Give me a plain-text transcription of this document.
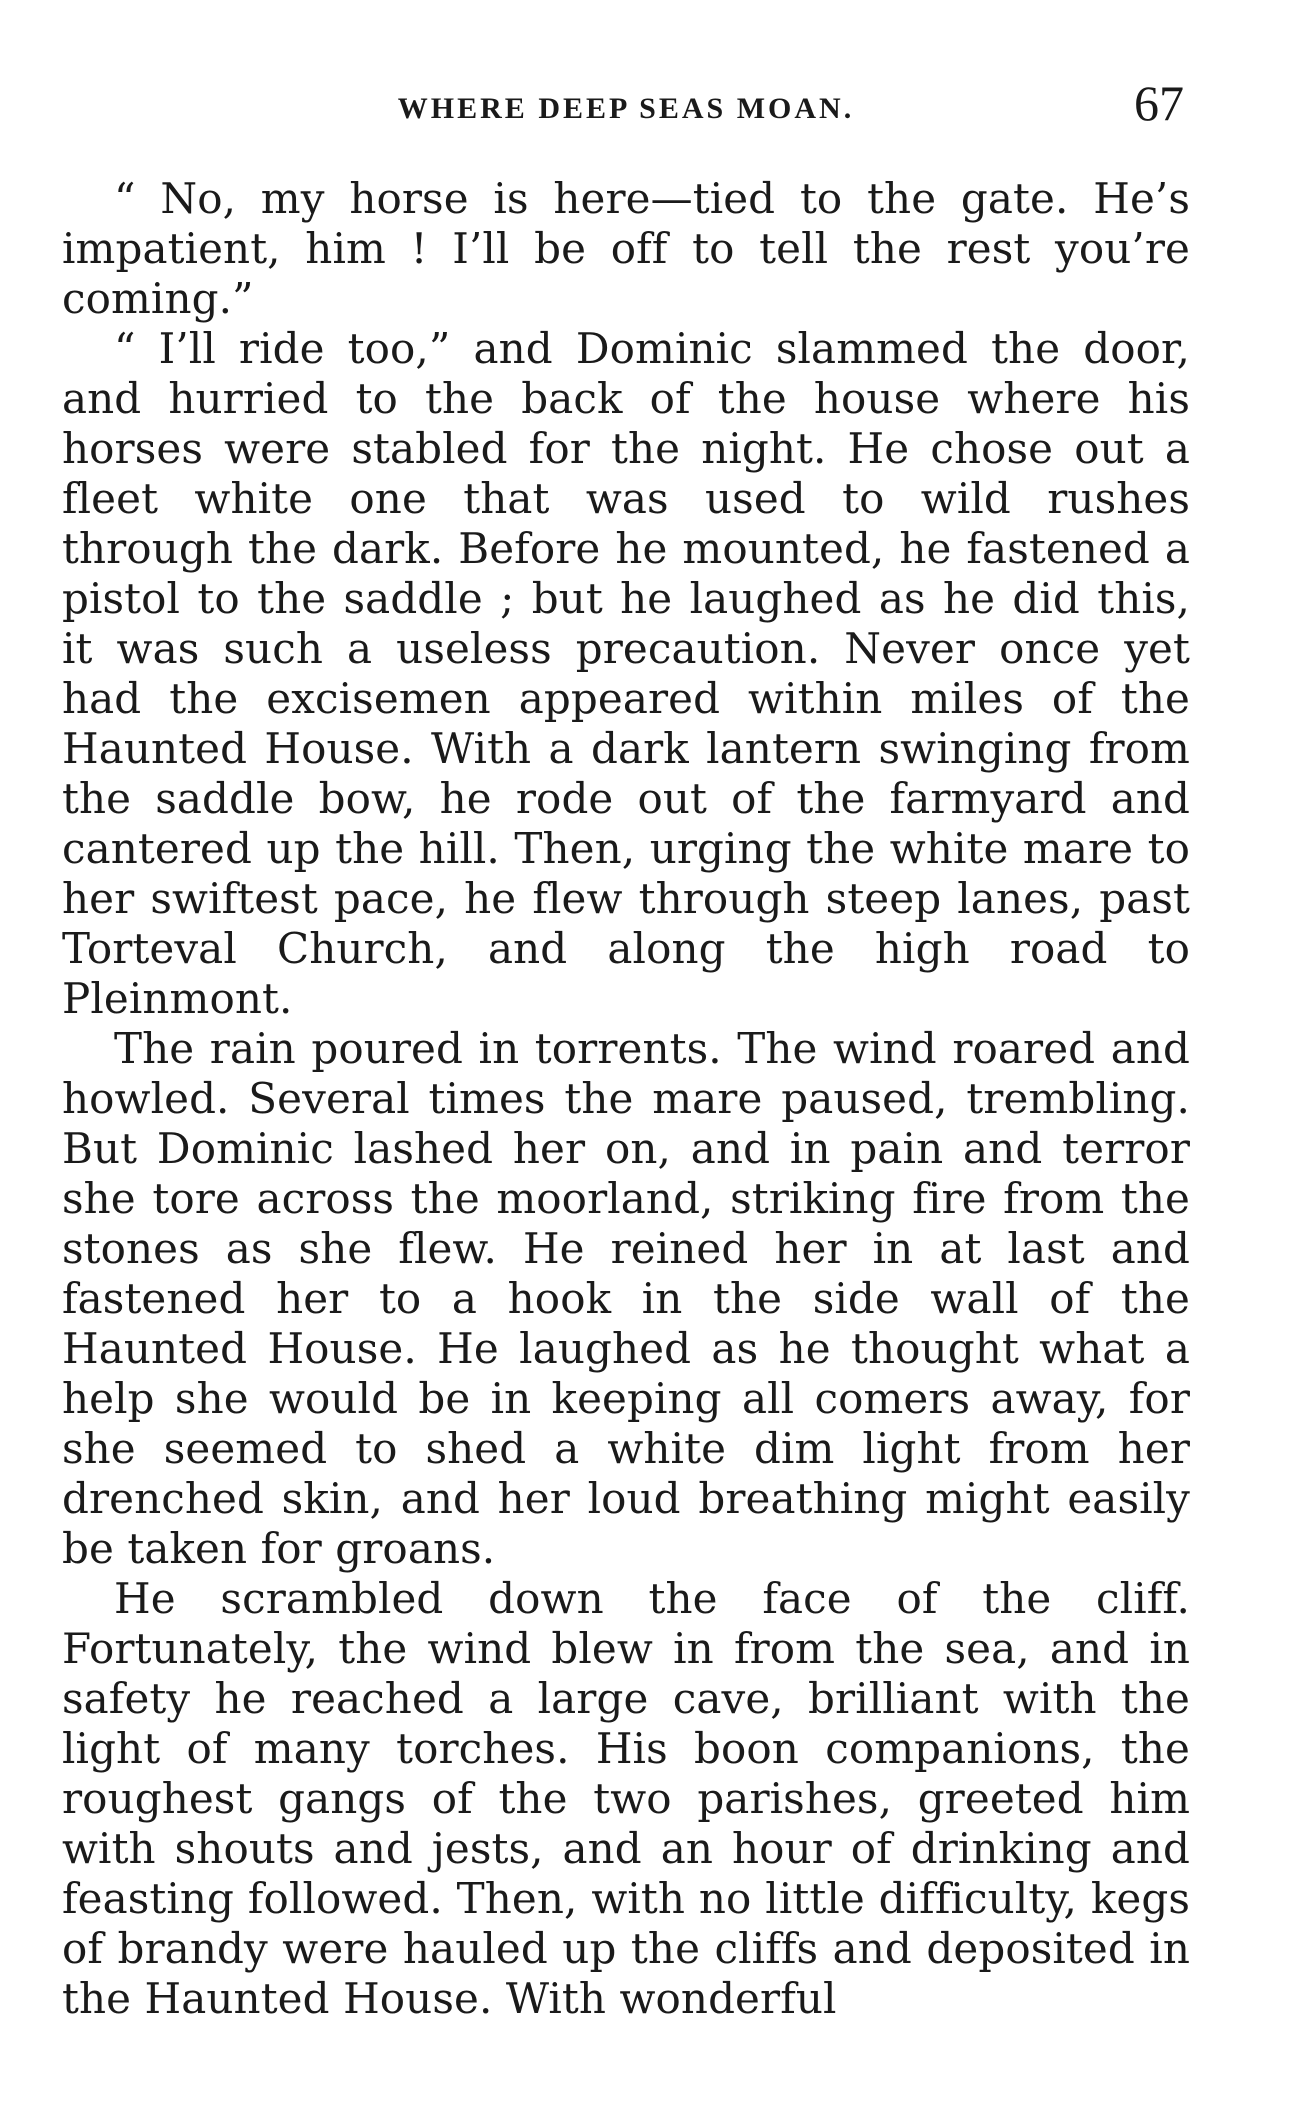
WHERE DEEP SEAS MOAN.	67

“ No, my horse is here—tied to the gate. He’s impatient, him ! I’ll be off to tell the rest you’re coming.”

“ I’ll ride too,” and Dominic slammed the door, and hurried to the back of the house where his horses were stabled for the night. He chose out a fleet white one that was used to wild rushes through the dark. Before he mounted, he fastened a pistol to the saddle ; but he laughed as he did this, it was such a useless precaution. Never once yet had the excisemen appeared within miles of the Haunted House. With a dark lantern swinging from the saddle bow, he rode out of the farmyard and cantered up the hill. Then, urging the white mare to her swiftest pace, he flew through steep lanes, past Torteval Church, and along the high road to Pleinmont.

The rain poured in torrents. The wind roared and howled. Several times the mare paused, trembling. But Dominic lashed her on, and in pain and terror she tore across the moorland, striking fire from the stones as she flew. He reined her in at last and fastened her to a hook in the side wall of the Haunted House. He laughed as he thought what a help she would be in keeping all comers away, for she seemed to shed a white dim light from her drenched skin, and her loud breathing might easily be taken for groans.

He scrambled down the face of the cliff. Fortunately, the wind blew in from the sea, and in safety he reached a large cave, brilliant with the light of many torches. His boon companions, the roughest gangs of the two parishes, greeted him with shouts and jests, and an hour of drinking and feasting followed. Then, with no little difficulty, kegs of brandy were hauled up the cliffs and deposited in the Haunted House. With wonderful
